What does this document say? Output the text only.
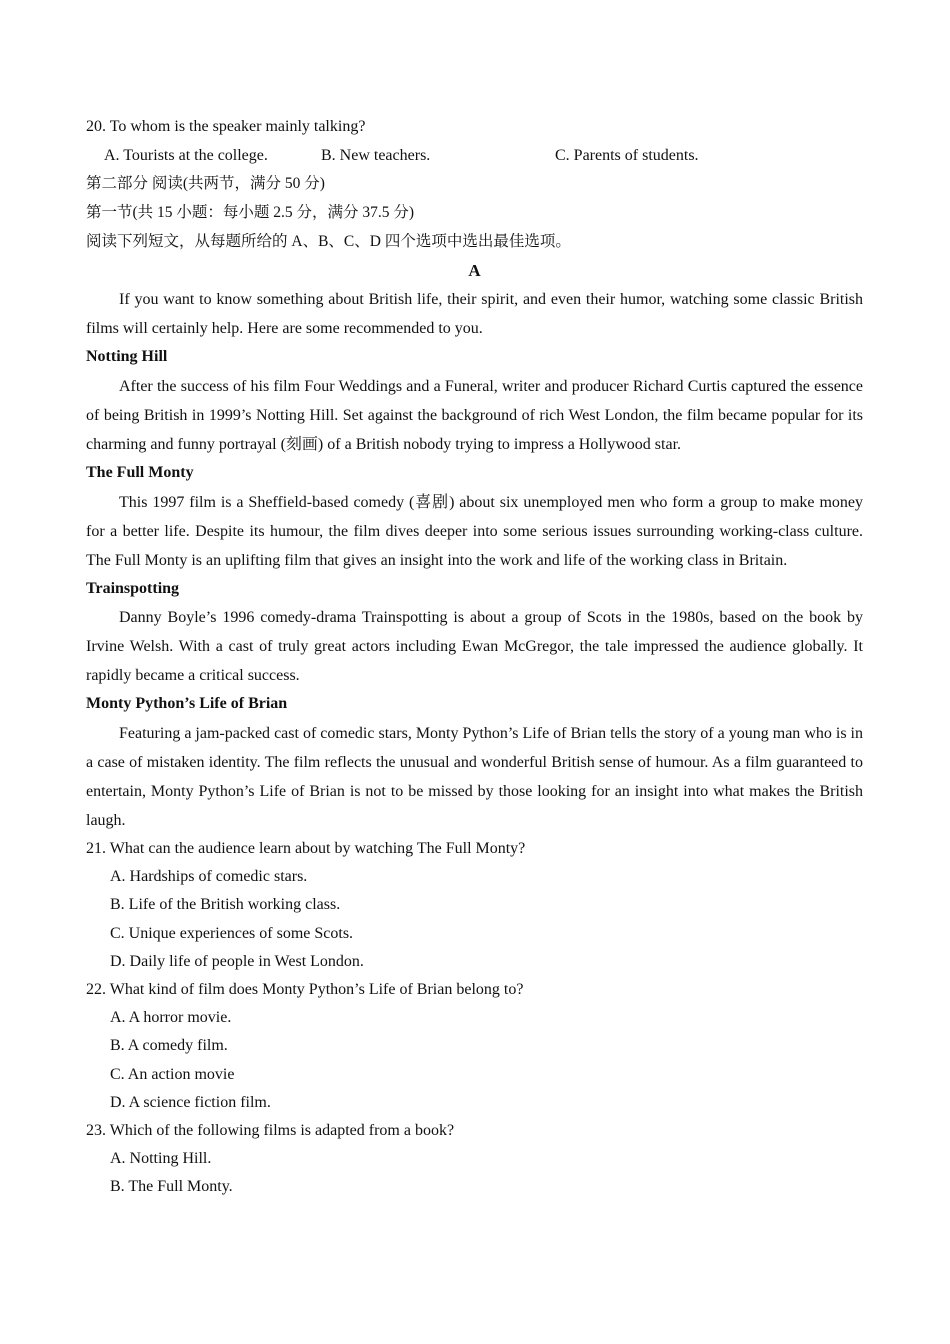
20. To whom is the speaker mainly talking?
A. Tourists at the college.	B. New teachers.	C. Parents of students.
第二部分 阅读(共两节，满分 50 分)
第一节(共 15 小题：每小题 2.5 分，满分 37.5 分)
阅读下列短文，从每题所给的 A、B、C、D 四个选项中选出最佳选项。
A

If you want to know something about British life, their spirit, and even their humor, watching some classic British films will certainly help. Here are some recommended to you.

Notting Hill

After the success of his film Four Weddings and a Funeral, writer and producer Richard Curtis captured the essence of being British in 1999’s Notting Hill. Set against the background of rich West London, the film became popular for its charming and funny portrayal (刻画) of a British nobody trying to impress a Hollywood star.

The Full Monty

This 1997 film is a Sheffield-based comedy (喜剧) about six unemployed men who form a group to make money for a better life. Despite its humour, the film dives deeper into some serious issues surrounding working-class culture. The Full Monty is an uplifting film that gives an insight into the work and life of the working class in Britain.

Trainspotting

Danny Boyle’s 1996 comedy-drama Trainspotting is about a group of Scots in the 1980s, based on the book by Irvine Welsh. With a cast of truly great actors including Ewan McGregor, the tale impressed the audience globally. It rapidly became a critical success.

Monty Python’s Life of Brian

Featuring a jam-packed cast of comedic stars, Monty Python’s Life of Brian tells the story of a young man who is in a case of mistaken identity. The film reflects the unusual and wonderful British sense of humour. As a film guaranteed to entertain, Monty Python’s Life of Brian is not to be missed by those looking for an insight into what makes the British laugh.

21. What can the audience learn about by watching The Full Monty?
A. Hardships of comedic stars.
B. Life of the British working class.
C. Unique experiences of some Scots.
D. Daily life of people in West London.
22. What kind of film does Monty Python’s Life of Brian belong to?
A. A horror movie.
B. A comedy film.
C. An action movie
D. A science fiction film.
23. Which of the following films is adapted from a book?
A. Notting Hill.
B. The Full Monty.
